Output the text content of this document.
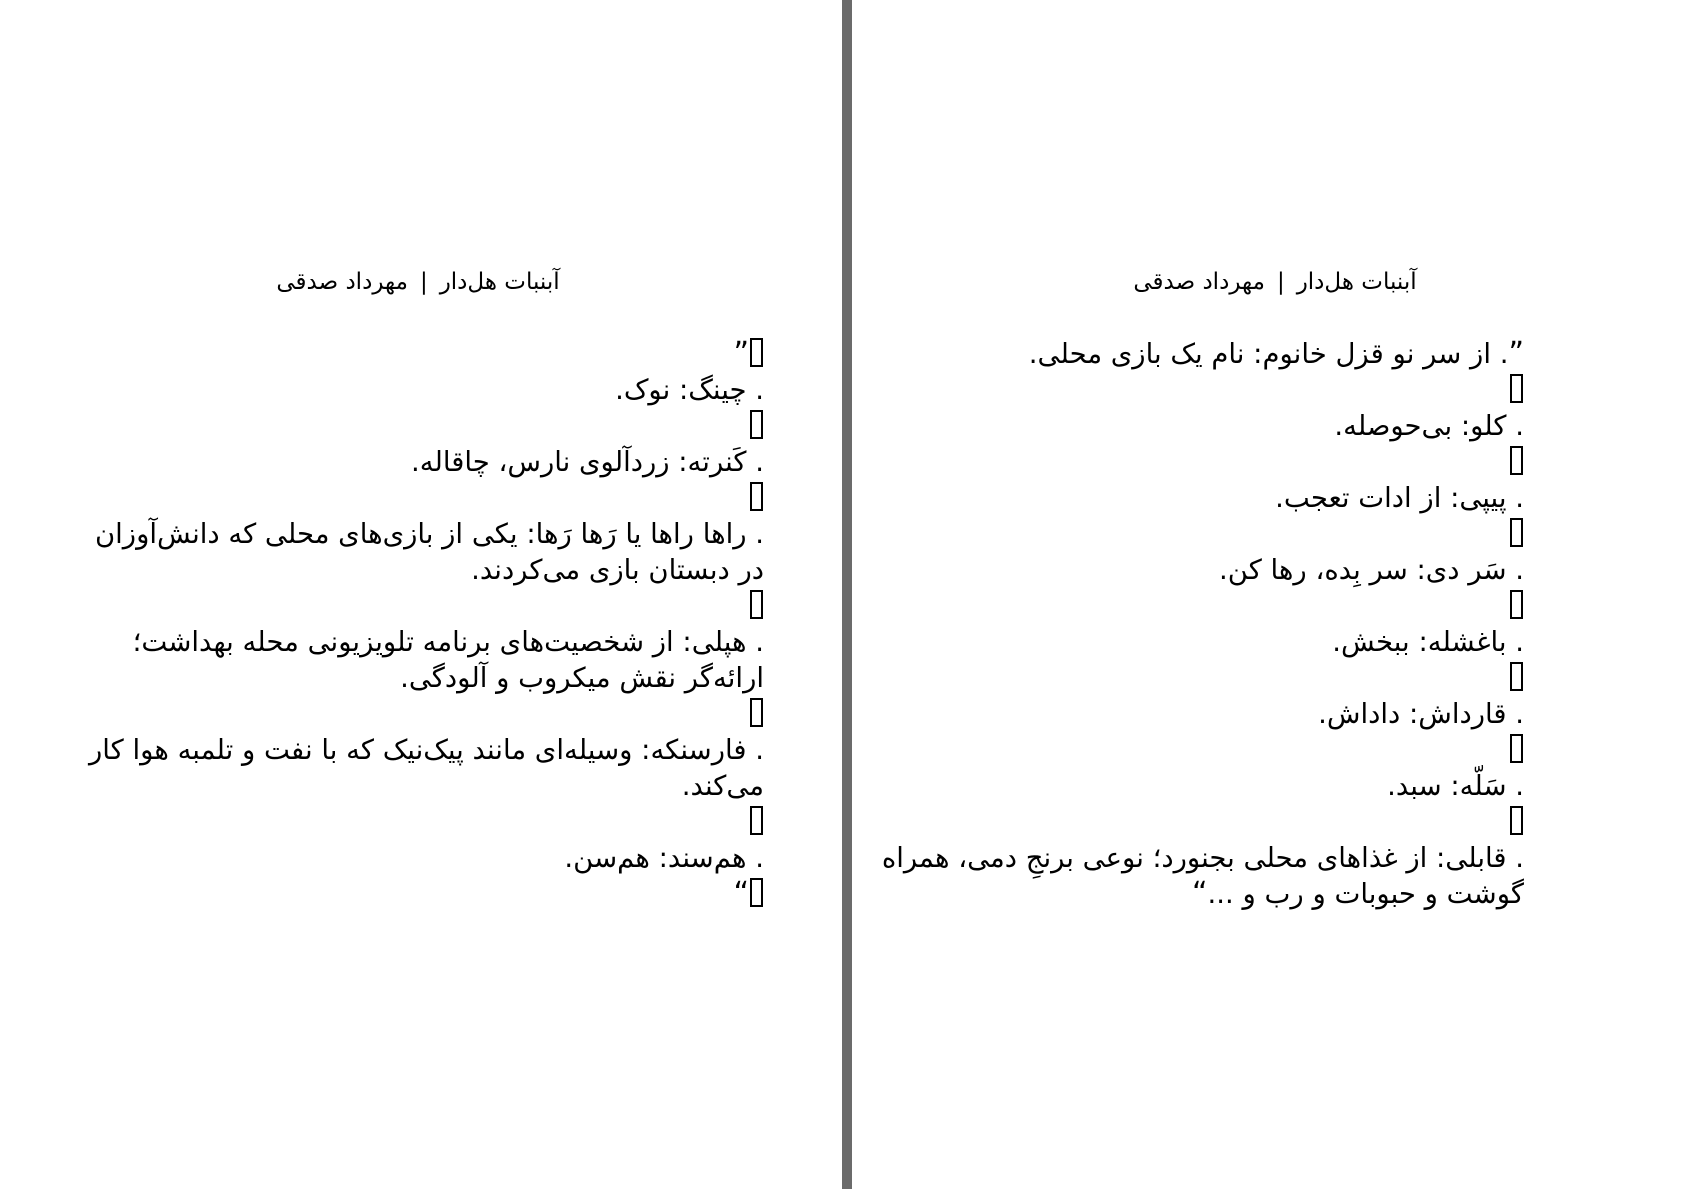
آبنبات هل‌دار|مهرداد صدقی
”
. چینگ: نوک.
. کَنرته: زردآلوی نارس، چاقاله.
. راها راها یا رَها رَها: یکی از بازی‌های محلی که دانش‌آوزان در دبستان بازی می‌کردند.
. هپلی: از شخصیت‌های برنامه تلویزیونی محله بهداشت؛ ارائه‌گر نقش میکروب و آلودگی.
. فارسنکه: وسیله‌ای مانند پیک‌نیک که با نفت و تلمبه هوا کار می‌کند.
. هم‌سند: هم‌سن.
“
آبنبات هل‌دار|مهرداد صدقی
”. از سر نو قزل خانوم: نام یک بازی محلی.
. کلو: بی‌حوصله.
. پیپی: از ادات تعجب.
. سَر دی: سر بِده، رها کن.
. باغشله: ببخش.
. قارداش: داداش.
. سَلّه: سبد.
. قابلی: از غذاهای محلی بجنورد؛ نوعی برنجِ دمی، همراه گوشت و حبوبات و رب و ...“
